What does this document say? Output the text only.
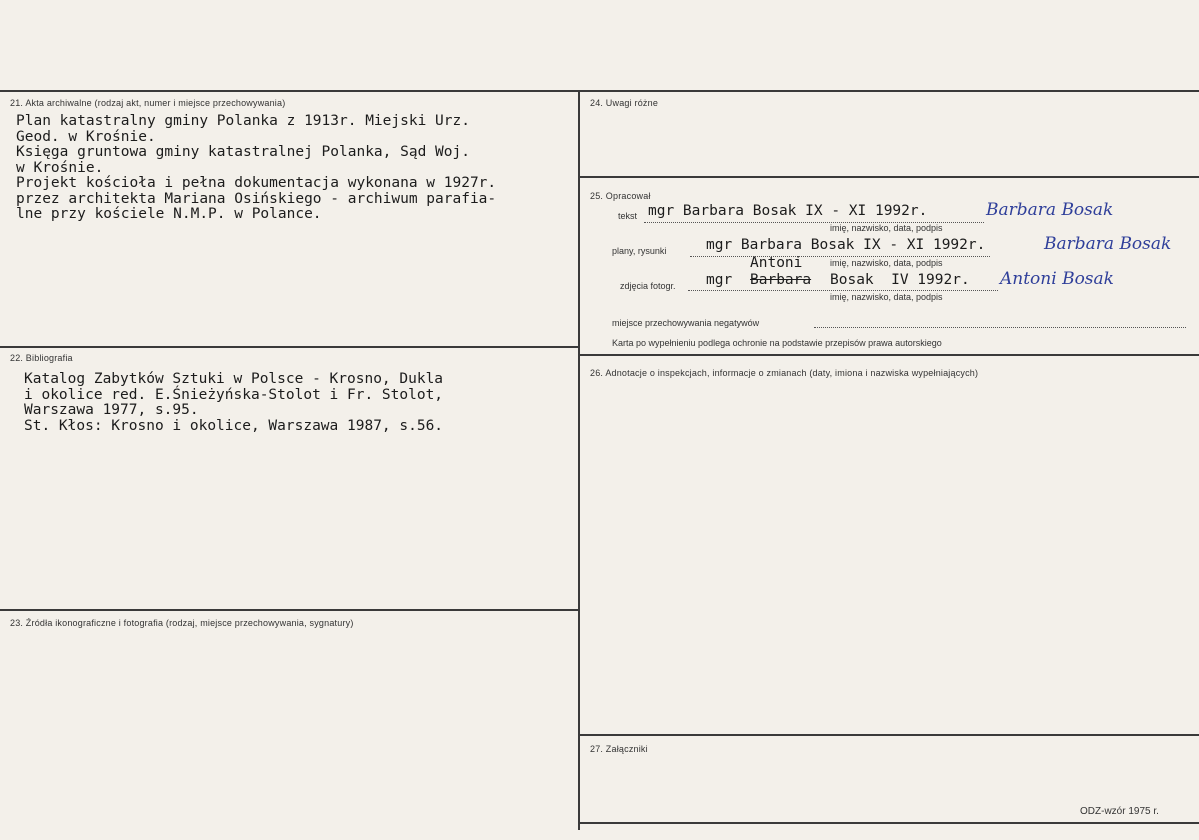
21. Akta archiwalne (rodzaj akt, numer i miejsce przechowywania)
Plan katastralny gminy Polanka z 1913r. Miejski Urz.
Geod. w Krośnie.
Księga gruntowa gminy katastralnej Polanka, Sąd Woj.
w Krośnie.
Projekt kościoła i pełna dokumentacja wykonana w 1927r.
przez architekta Mariana Osińskiego - archiwum parafia-
lne przy kościele N.M.P. w Polance.
22. Bibliografia
Katalog Zabytków Sztuki w Polsce - Krosno, Dukla
i okolice red. E.Śnieżyńska-Stolot i Fr. Stolot,
Warszawa 1977, s.95.
St. Kłos: Krosno i okolice, Warszawa 1987, s.56.
23. Źródła ikonograficzne i fotografia (rodzaj, miejsce przechowywania, sygnatury)
24. Uwagi różne
25. Opracował
tekst mgr Barbara Bosak IX - XI 1992r.	Barbara Bosak
imię, nazwisko, data, podpis
plany, rysunki	mgr Barbara Bosak IX - XI 1992r.	Barbara Bosak
imię, nazwisko, data, podpis
Antoni
zdjęcia fotogr. mgr Barbara Bosak  IV 1992r. Antoni Bosak
imię, nazwisko, data, podpis
miejsce przechowywania negatywów
Karta po wypełnieniu podlega ochronie na podstawie przepisów prawa autorskiego
26. Adnotacje o inspekcjach, informacje o zmianach (daty, imiona i nazwiska wypełniających)
27. Załączniki
ODZ-wzór 1975 r.
